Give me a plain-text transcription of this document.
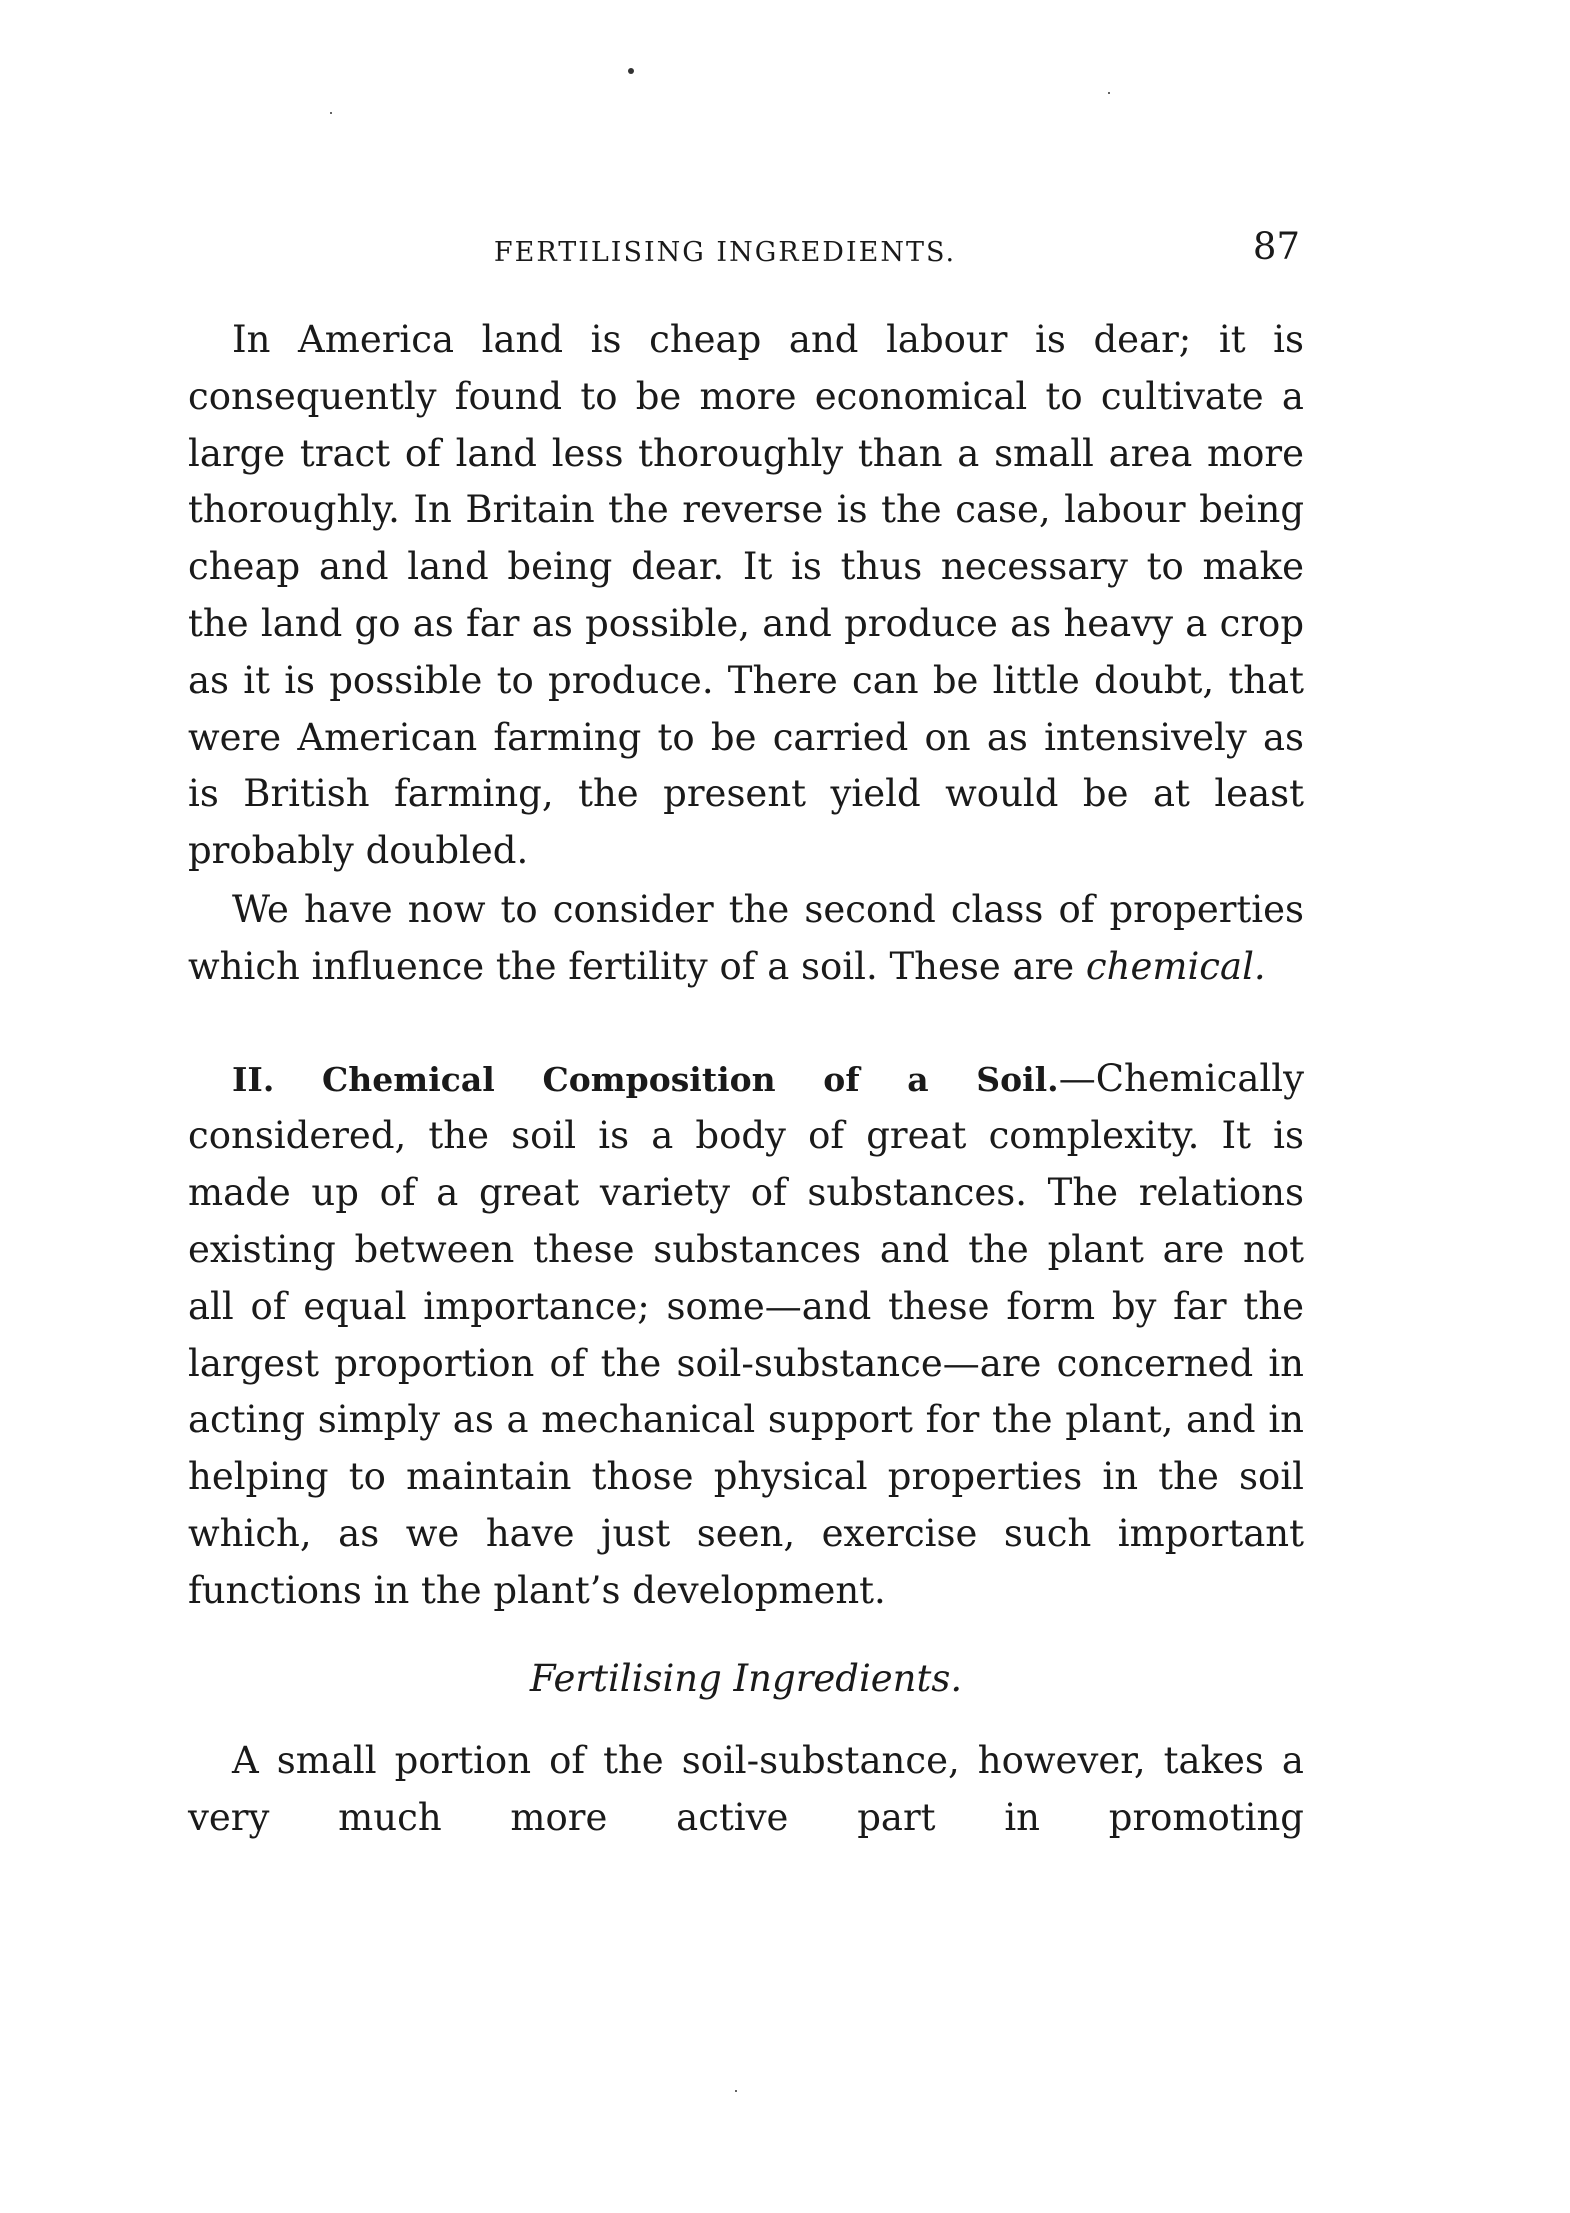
FERTILISING INGREDIENTS.	87

In America land is cheap and labour is dear; it is consequently found to be more economical to cultivate a large tract of land less thoroughly than a small area more thoroughly. In Britain the reverse is the case, labour being cheap and land being dear. It is thus necessary to make the land go as far as possible, and produce as heavy a crop as it is possible to produce. There can be little doubt, that were American farming to be carried on as intensively as is British farming, the present yield would be at least probably doubled.

We have now to consider the second class of properties which influence the fertility of a soil. These are chemical.

II. Chemical Composition of a Soil.—Chemically considered, the soil is a body of great complexity. It is made up of a great variety of substances. The relations existing between these substances and the plant are not all of equal importance; some—and these form by far the largest proportion of the soil-substance—are concerned in acting simply as a mechanical support for the plant, and in helping to maintain those physical properties in the soil which, as we have just seen, exercise such important functions in the plant’s development.

Fertilising Ingredients.

A small portion of the soil-substance, however, takes a very much more active part in promoting
